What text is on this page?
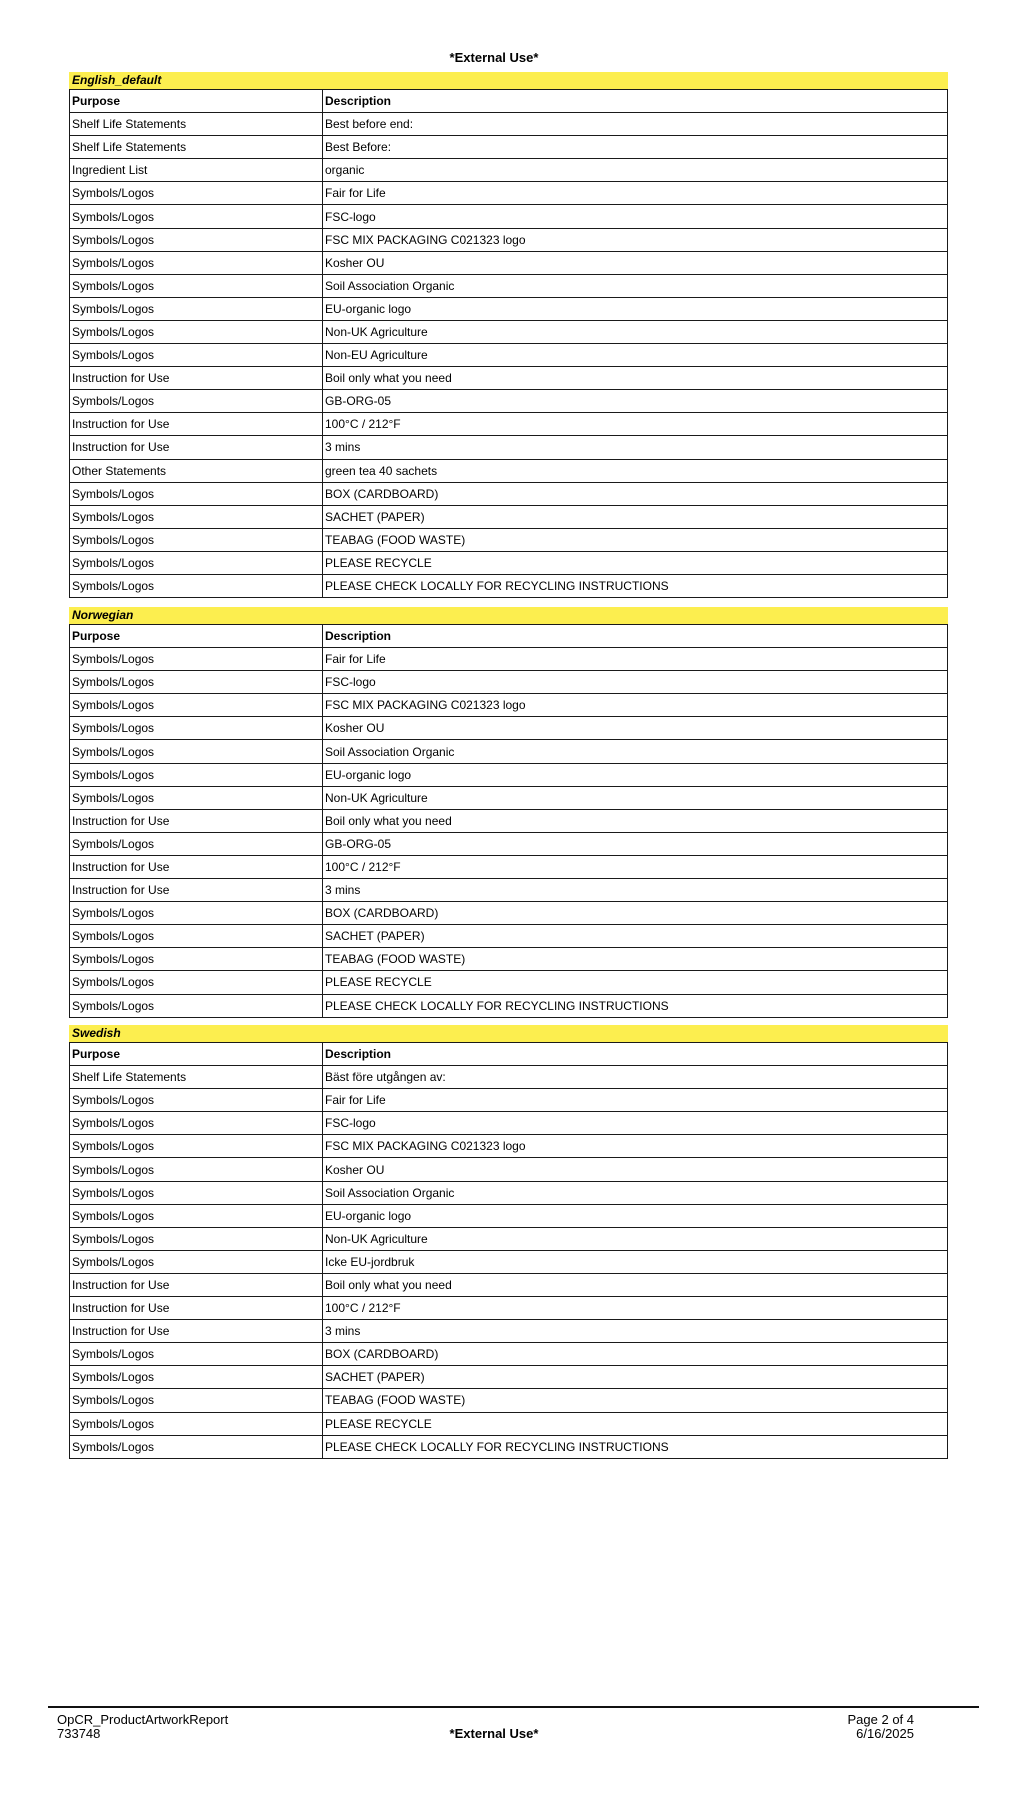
*External Use*
English_default
Purpose	Description
Shelf Life Statements	Best before end:
Shelf Life Statements	Best Before:
Ingredient List	organic
Symbols/Logos	Fair for Life
Symbols/Logos	FSC-logo
Symbols/Logos	FSC MIX PACKAGING C021323 logo
Symbols/Logos	Kosher OU
Symbols/Logos	Soil Association Organic
Symbols/Logos	EU-organic logo
Symbols/Logos	Non-UK Agriculture
Symbols/Logos	Non-EU Agriculture
Instruction for Use	Boil only what you need
Symbols/Logos	GB-ORG-05
Instruction for Use	100°C / 212°F
Instruction for Use	3 mins
Other Statements	green tea 40 sachets
Symbols/Logos	BOX (CARDBOARD)
Symbols/Logos	SACHET (PAPER)
Symbols/Logos	TEABAG (FOOD WASTE)
Symbols/Logos	PLEASE RECYCLE
Symbols/Logos	PLEASE CHECK LOCALLY FOR RECYCLING INSTRUCTIONS
Norwegian
Purpose	Description
Symbols/Logos	Fair for Life
Symbols/Logos	FSC-logo
Symbols/Logos	FSC MIX PACKAGING C021323 logo
Symbols/Logos	Kosher OU
Symbols/Logos	Soil Association Organic
Symbols/Logos	EU-organic logo
Symbols/Logos	Non-UK Agriculture
Instruction for Use	Boil only what you need
Symbols/Logos	GB-ORG-05
Instruction for Use	100°C / 212°F
Instruction for Use	3 mins
Symbols/Logos	BOX (CARDBOARD)
Symbols/Logos	SACHET (PAPER)
Symbols/Logos	TEABAG (FOOD WASTE)
Symbols/Logos	PLEASE RECYCLE
Symbols/Logos	PLEASE CHECK LOCALLY FOR RECYCLING INSTRUCTIONS
Swedish
Purpose	Description
Shelf Life Statements	Bäst före utgången av:
Symbols/Logos	Fair for Life
Symbols/Logos	FSC-logo
Symbols/Logos	FSC MIX PACKAGING C021323 logo
Symbols/Logos	Kosher OU
Symbols/Logos	Soil Association Organic
Symbols/Logos	EU-organic logo
Symbols/Logos	Non-UK Agriculture
Symbols/Logos	Icke EU-jordbruk
Instruction for Use	Boil only what you need
Instruction for Use	100°C / 212°F
Instruction for Use	3 mins
Symbols/Logos	BOX (CARDBOARD)
Symbols/Logos	SACHET (PAPER)
Symbols/Logos	TEABAG (FOOD WASTE)
Symbols/Logos	PLEASE RECYCLE
Symbols/Logos	PLEASE CHECK LOCALLY FOR RECYCLING INSTRUCTIONS
OpCR_ProductArtworkReport
733748	*External Use*
Page 2 of 4
6/16/2025
